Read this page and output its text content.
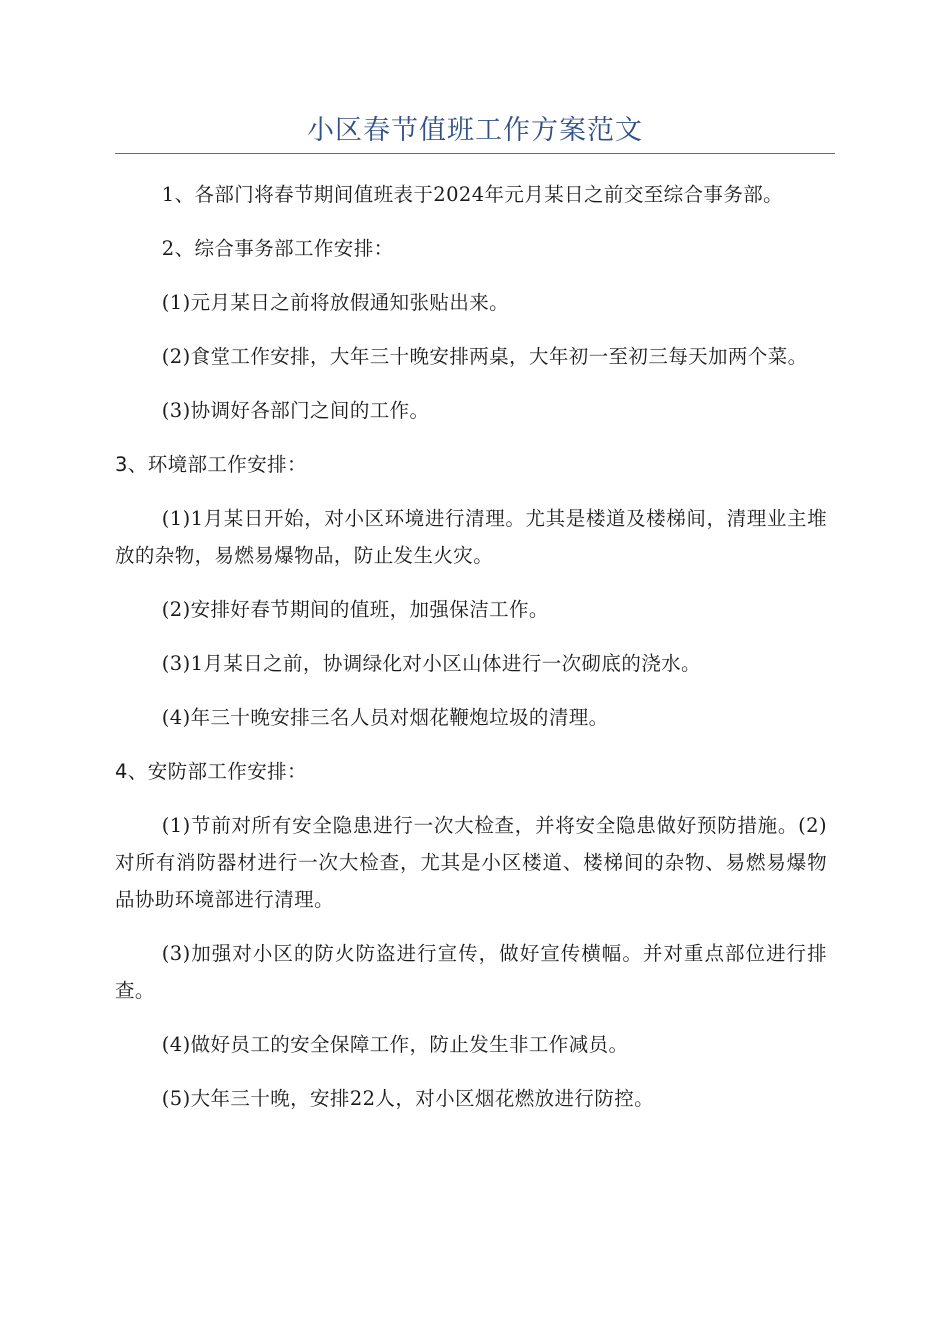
小区春节值班工作方案范文

1、各部门将春节期间值班表于2024年元月某日之前交至综合事务部。

2、综合事务部工作安排：

(1)元月某日之前将放假通知张贴出来。

(2)食堂工作安排，大年三十晚安排两桌，大年初一至初三每天加两个菜。

(3)协调好各部门之间的工作。

3、环境部工作安排：

(1)1月某日开始，对小区环境进行清理。尤其是楼道及楼梯间，清理业主堆放的杂物，易燃易爆物品，防止发生火灾。

(2)安排好春节期间的值班，加强保洁工作。

(3)1月某日之前，协调绿化对小区山体进行一次砌底的浇水。

(4)年三十晚安排三名人员对烟花鞭炮垃圾的清理。

4、安防部工作安排：

(1)节前对所有安全隐患进行一次大检查，并将安全隐患做好预防措施。(2)对所有消防器材进行一次大检查，尤其是小区楼道、楼梯间的杂物、易燃易爆物品协助环境部进行清理。

(3)加强对小区的防火防盗进行宣传，做好宣传横幅。并对重点部位进行排查。

(4)做好员工的安全保障工作，防止发生非工作减员。

(5)大年三十晚，安排22人，对小区烟花燃放进行防控。
